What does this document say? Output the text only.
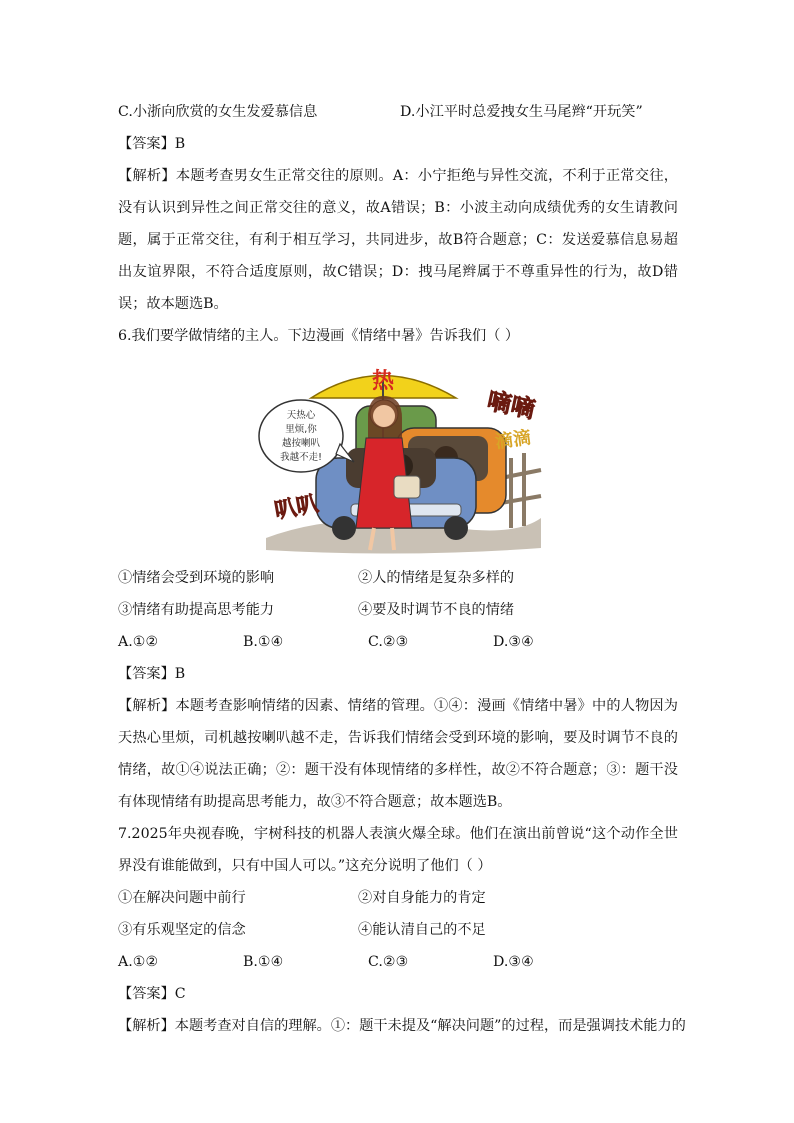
C.小浙向欣赏的女生发爱慕信息	D.小江平时总爱拽女生马尾辫“开玩笑”
【答案】B
【解析】本题考查男女生正常交往的原则。A：小宁拒绝与异性交流，不利于正常交往，没有认识到异性之间正常交往的意义，故A错误；B：小波主动向成绩优秀的女生请教问题，属于正常交往，有利于相互学习，共同进步，故B符合题意；C：发送爱慕信息易超出友谊界限，不符合适度原则，故C错误；D：拽马尾辫属于不尊重异性的行为，故D错误；故本题选B。
6.我们要学做情绪的主人。下边漫画《情绪中暑》告诉我们（ ）
天热心
里烦,你
越按喇叭
我越不走!
热
嘀嘀
滴滴
叭叭
①情绪会受到环境的影响	②人的情绪是复杂多样的
③情绪有助提高思考能力	④要及时调节不良的情绪
A.①②	B.①④	C.②③	D.③④
【答案】B
【解析】本题考查影响情绪的因素、情绪的管理。①④：漫画《情绪中暑》中的人物因为天热心里烦，司机越按喇叭越不走，告诉我们情绪会受到环境的影响，要及时调节不良的情绪，故①④说法正确；②：题干没有体现情绪的多样性，故②不符合题意；③：题干没有体现情绪有助提高思考能力，故③不符合题意；故本题选B。
7.2025年央视春晚，宇树科技的机器人表演火爆全球。他们在演出前曾说“这个动作全世界没有谁能做到，只有中国人可以。”这充分说明了他们（ ）
①在解决问题中前行	②对自身能力的肯定
③有乐观坚定的信念	④能认清自己的不足
A.①②	B.①④	C.②③	D.③④
【答案】C
【解析】本题考查对自信的理解。①：题干未提及“解决问题”的过程，而是强调技术能力的
